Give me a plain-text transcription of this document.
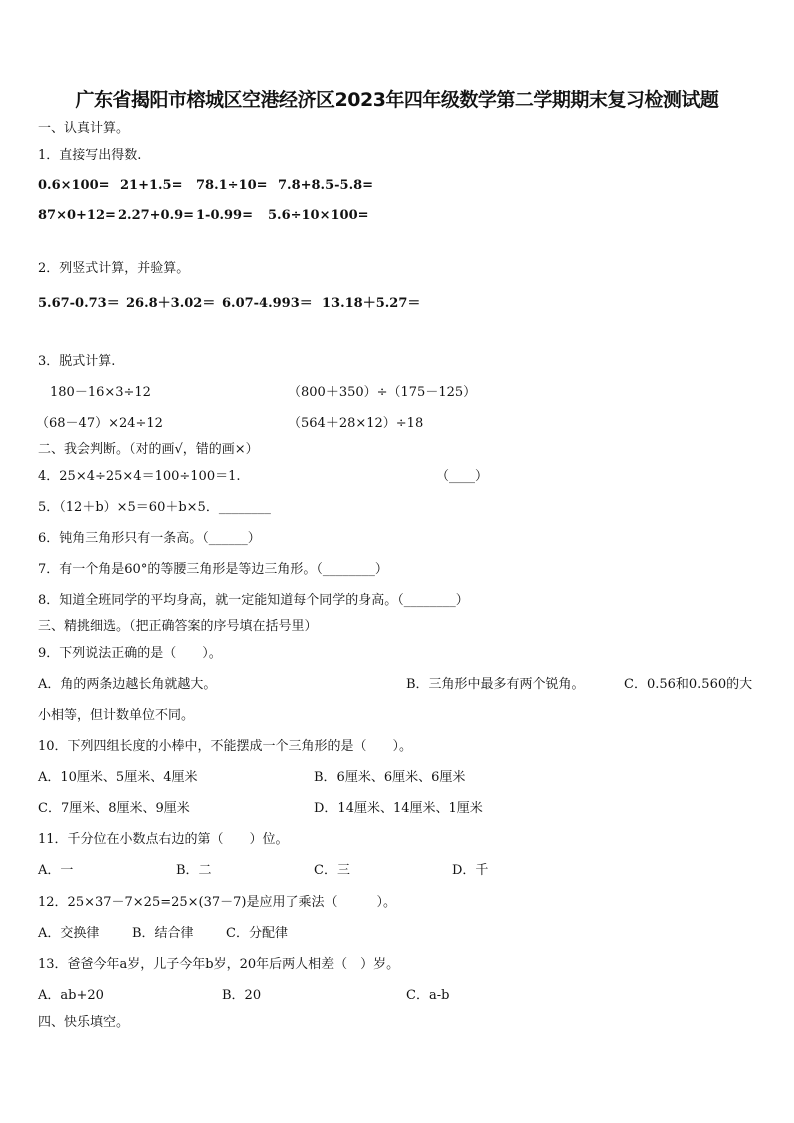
广东省揭阳市榕城区空港经济区2023年四年级数学第二学期期末复习检测试题
一、认真计算。
1．直接写出得数.
0.6×100= 21+1.5= 78.1÷10= 7.8+8.5-5.8=
87×0+12= 2.27+0.9= 1-0.99= 5.6÷10×100=
2．列竖式计算，并验算。
5.67-0.73＝ 26.8＋3.02＝ 6.07-4.993＝ 13.18＋5.27＝
3．脱式计算.
180－16×3÷12	（800＋350）÷（175－125）
（68－47）×24÷12	（564＋28×12）÷18
二、我会判断。（对的画√，错的画×）
4．25×4÷25×4＝100÷100＝1.	（____）
5．（12＋b）×5＝60＋b×5．________
6．钝角三角形只有一条高。（______）
7．有一个角是60°的等腰三角形是等边三角形。（________）
8．知道全班同学的平均身高，就一定能知道每个同学的身高。（________）
三、精挑细选。（把正确答案的序号填在括号里）
9．下列说法正确的是（　　）。
A．角的两条边越长角就越大。	B．三角形中最多有两个锐角。	C．0.56和0.560的大
小相等，但计数单位不同。
10．下列四组长度的小棒中，不能摆成一个三角形的是（　　）。
A．10厘米、5厘米、4厘米	B．6厘米、6厘米、6厘米
C．7厘米、8厘米、9厘米	D．14厘米、14厘米、1厘米
11．千分位在小数点右边的第（　　）位。
A．一	B．二	C．三	D．千
12．25×37－7×25=25×(37－7)是应用了乘法（　　　）。
A．交换律	B．结合律 C．分配律
13．爸爸今年a岁，儿子今年b岁，20年后两人相差（　）岁。
A．ab+20	B．20	C．a-b
四、快乐填空。
